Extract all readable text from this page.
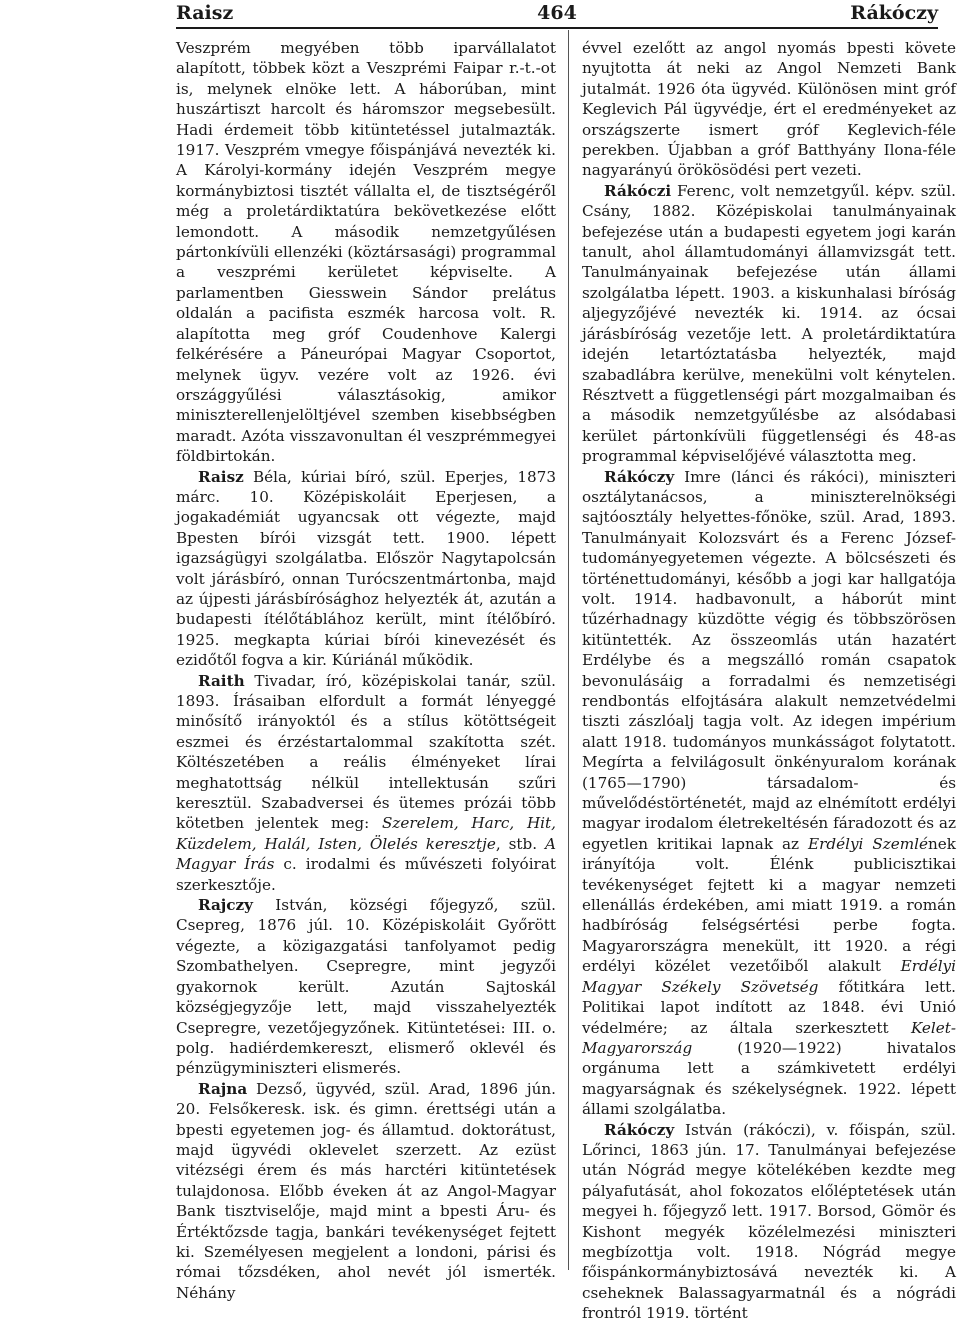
Raisz	464	Rákóczy

Veszprém megyében több iparvállalatot alapított, többek közt a Veszprémi Faipar r.-t.-ot is, melynek elnöke lett. A háborúban, mint huszártiszt harcolt és háromszor megsebesült. Hadi érdemeit több kitüntetéssel jutalmazták. 1917. Veszprém vmegye főispánjává nevezték ki. A Károlyi-kormány idején Veszprém megye kormánybiztosi tisztét vállalta el, de tisztségéről még a proletárdiktatúra bekövetkezése előtt lemondott. A második nemzetgyűlésen pártonkívüli ellenzéki (köztársasági) programmal a veszprémi kerületet képviselte. A parlamentben Giesswein Sándor prelátus oldalán a pacifista eszmék harcosa volt. R. alapította meg gróf Coudenhove Kalergi felkérésére a Páneurópai Magyar Csoportot, melynek ügyv. vezére volt az 1926. évi országgyűlési választásokig, amikor miniszterellenjelöltjével szemben kisebbségben maradt. Azóta visszavonultan él veszprémmegyei földbirtokán.

Raisz Béla, kúriai bíró, szül. Eperjes, 1873 márc. 10. Középiskoláit Eperjesen, a jogakadémiát ugyancsak ott végezte, majd Bpesten bírói vizsgát tett. 1900. lépett igazságügyi szolgálatba. Először Nagytapolcsán volt járásbíró, onnan Turócszentmártonba, majd az újpesti járásbírósághoz helyezték át, azután a budapesti ítélőtáblához került, mint ítélőbíró. 1925. megkapta kúriai bírói kinevezését és ezidőtől fogva a kir. Kúriánál működik.

Raith Tivadar, író, középiskolai tanár, szül. 1893. Írásaiban elfordult a formát lényeggé minősítő irányoktól és a stílus kötöttségeit eszmei és érzéstartalommal szakította szét. Költészetében a reális élményeket lírai meghatottság nélkül intellektusán szűri keresztül. Szabadversei és ütemes prózái több kötetben jelentek meg: Szerelem, Harc, Hit, Küzdelem, Halál, Isten, Ölelés keresztje, stb. A Magyar Írás c. irodalmi és művészeti folyóirat szerkesztője.

Rajczy István, községi főjegyző, szül. Csepreg, 1876 júl. 10. Középiskoláit Győrött végezte, a közigazgatási tanfolyamot pedig Szombathelyen. Csepregre, mint jegyzői gyakornok került. Azután Sajtoskál községjegyzője lett, majd visszahelyezték Csepregre, vezetőjegyzőnek. Kitüntetései: III. o. polg. hadiérdemkereszt, elismerő oklevél és pénzügyminiszteri elismerés.

Rajna Dezső, ügyvéd, szül. Arad, 1896 jún. 20. Felsőkeresk. isk. és gimn. érettségi után a bpesti egyetemen jog- és államtud. doktorátust, majd ügyvédi oklevelet szerzett. Az ezüst vitézségi érem és más harctéri kitüntetések tulajdonosa. Előbb éveken át az Angol-Magyar Bank tisztviselője, majd mint a bpesti Áru- és Értéktőzsde tagja, bankári tevékenységet fejtett ki. Személyesen megjelent a londoni, párisi és római tőzsdéken, ahol nevét jól ismerték. Néhány

évvel ezelőtt az angol nyomás bpesti követe nyujtotta át neki az Angol Nemzeti Bank jutalmát. 1926 óta ügyvéd. Különösen mint gróf Keglevich Pál ügyvédje, ért el eredményeket az országszerte ismert gróf Keglevich-féle perekben. Újabban a gróf Batthyány Ilona-féle nagyarányú örökösödési pert vezeti.

Rákóczi Ferenc, volt nemzetgyűl. képv. szül. Csány, 1882. Középiskolai tanulmányainak befejezése után a budapesti egyetem jogi karán tanult, ahol államtudományi államvizsgát tett. Tanulmányainak befejezése után állami szolgálatba lépett. 1903. a kiskunhalasi bíróság aljegyzőjévé nevezték ki. 1914. az ócsai járásbíróság vezetője lett. A proletárdiktatúra idején letartóztatásba helyezték, majd szabadlábra kerülve, menekülni volt kénytelen. Résztvett a függetlenségi párt mozgalmaiban és a második nemzetgyűlésbe az alsódabasi kerület pártonkívüli függetlenségi és 48-as programmal képviselőjévé választotta meg.

Rákóczy Imre (lánci és rákóci), miniszteri osztálytanácsos, a miniszterelnökségi sajtóosztály helyettes-főnöke, szül. Arad, 1893. Tanulmányait Kolozsvárt és a Ferenc József-tudományegyetemen végezte. A bölcsészeti és történettudományi, később a jogi kar hallgatója volt. 1914. hadbavonult, a háborút mint tűzérhadnagy küzdötte végig és többszörösen kitüntették. Az összeomlás után hazatért Erdélybe és a megszálló román csapatok bevonulásáig a forradalmi és nemzetiségi rendbontás elfojtására alakult nemzetvédelmi tiszti zászlóalj tagja volt. Az idegen impérium alatt 1918. tudományos munkásságot folytatott. Megírta a felvilágosult önkényuralom korának (1765—1790) társadalom- és művelődéstörténetét, majd az elnémított erdélyi magyar irodalom életrekeltésén fáradozott és az egyetlen kritikai lapnak az Erdélyi Szemlének irányítója volt. Élénk publicisztikai tevékenységet fejtett ki a magyar nemzeti ellenállás érdekében, ami miatt 1919. a román hadbíróság felségsértési perbe fogta. Magyarországra menekült, itt 1920. a régi erdélyi közélet vezetőiből alakult Erdélyi Magyar Székely Szövetség főtitkára lett. Politikai lapot indított az 1848. évi Unió védelmére; az általa szerkesztett Kelet-Magyarország (1920—1922) hivatalos orgánuma lett a számkivetett erdélyi magyarságnak és székelységnek. 1922. lépett állami szolgálatba.

Rákóczy István (rákóczi), v. főispán, szül. Lőrinci, 1863 jún. 17. Tanulmányai befejezése után Nógrád megye kötelékében kezdte meg pályafutását, ahol fokozatos előléptetések után megyei h. főjegyző lett. 1917. Borsod, Gömör és Kishont megyék közélelmezési miniszteri megbízottja volt. 1918. Nógrád megye főispánkormánybiztosává nevezték ki. A cseheknek Balassagyarmatnál és a nógrádi frontról 1919. történt
